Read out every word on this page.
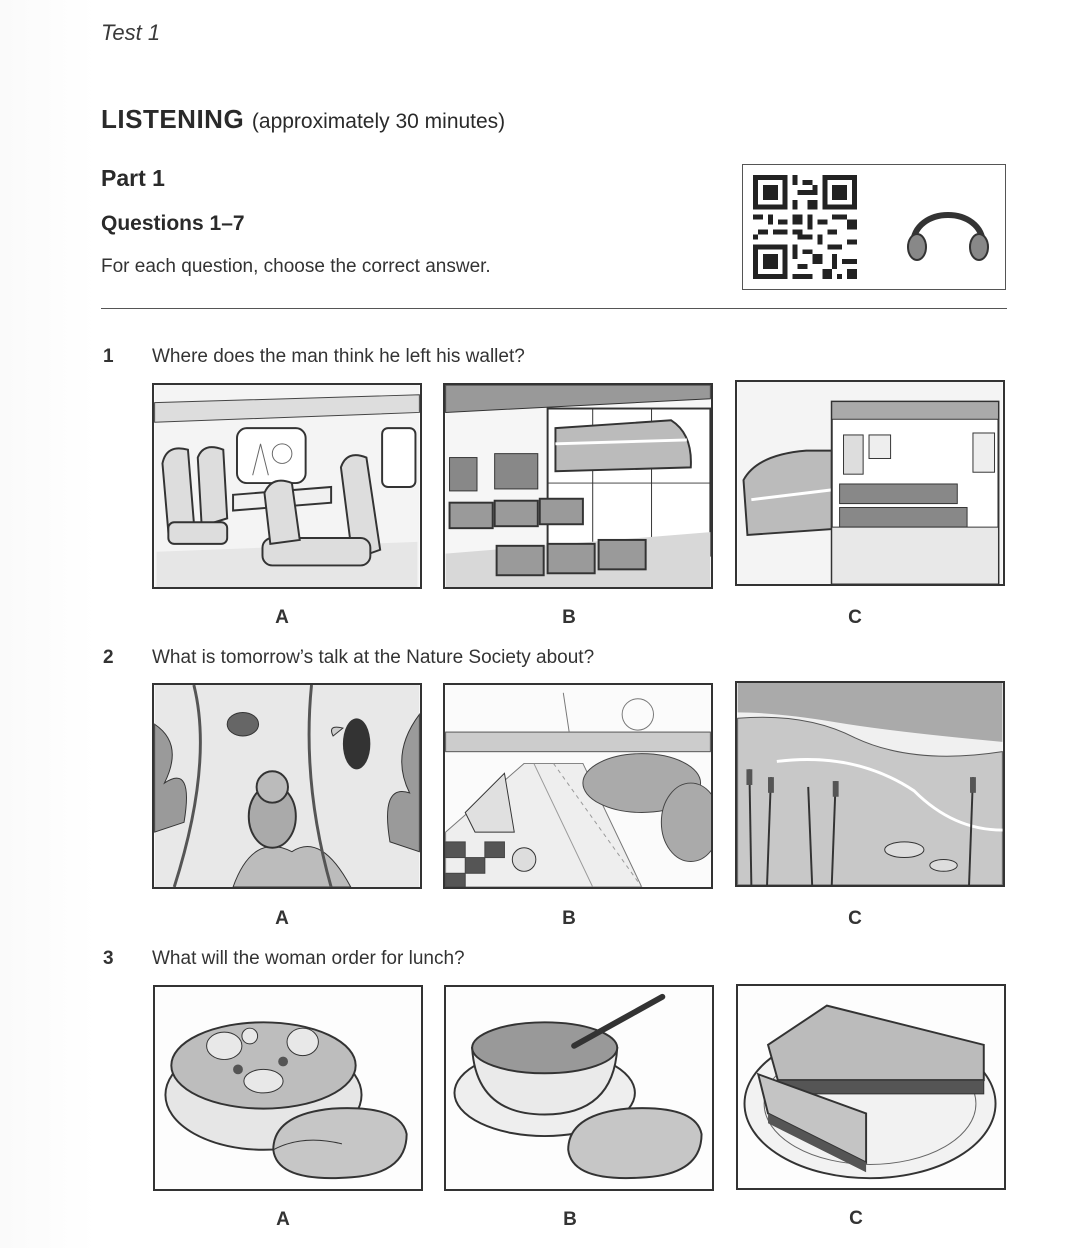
Test 1
LISTENING (approximately 30 minutes)
Part 1
Questions 1–7
For each question, choose the correct answer.
1 Where does the man think he left his wallet?
A	B	C
2 What is tomorrow’s talk at the Nature Society about?
A	B	C
3 What will the woman order for lunch?
A	B	C
